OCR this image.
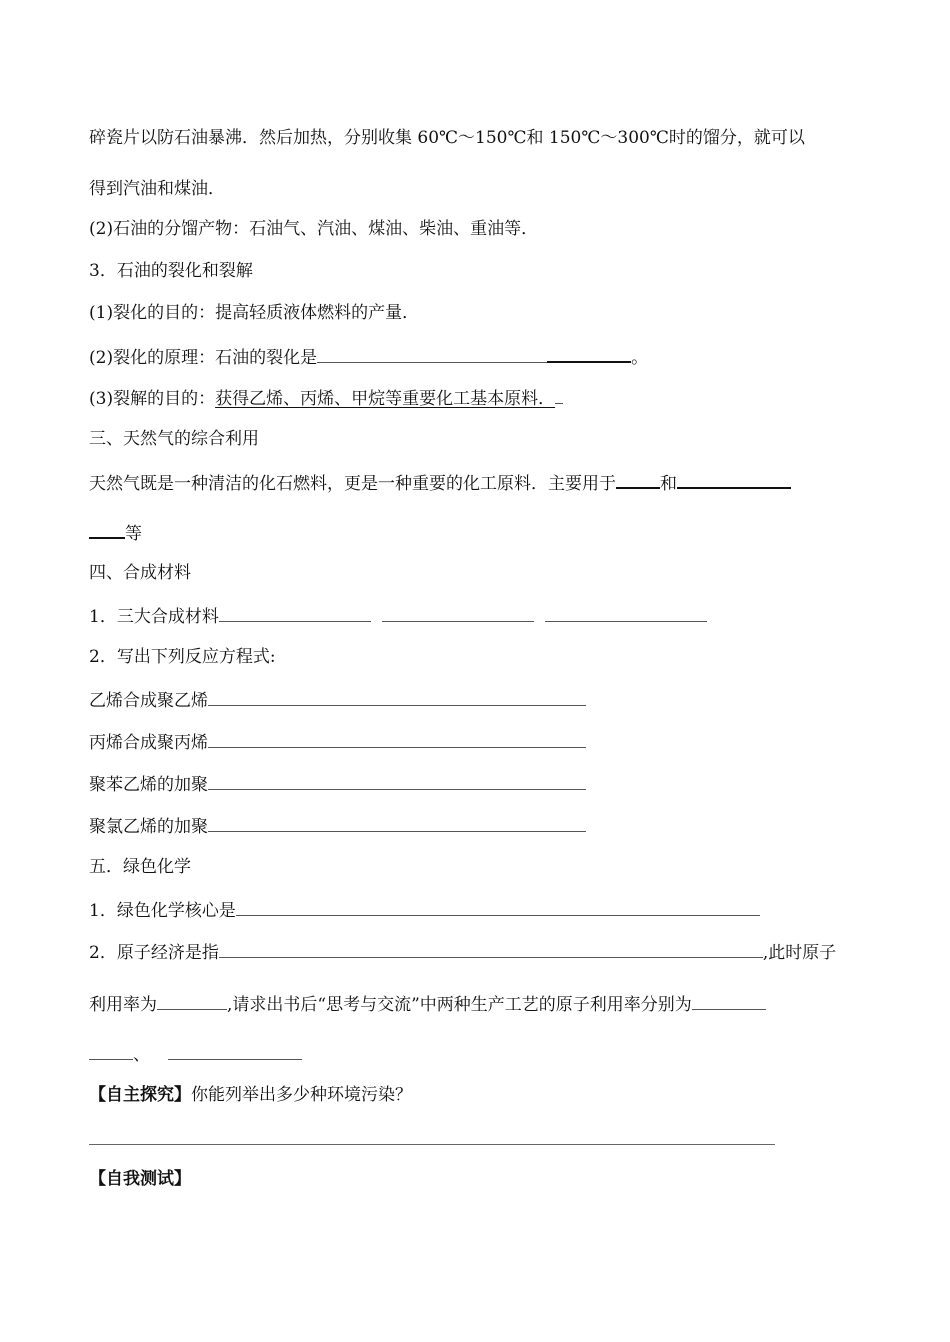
碎瓷片以防石油暴沸．然后加热，分别收集 60℃～150℃和 150℃～300℃时的馏分，就可以
得到汽油和煤油．
(2)石油的分馏产物：石油气、汽油、煤油、柴油、重油等．
3．石油的裂化和裂解
(1)裂化的目的：提高轻质液体燃料的产量．
(2)裂化的原理：石油的裂化是	。
(3)裂解的目的：获得乙烯、丙烯、甲烷等重要化工基本原料．
三、天然气的综合利用
天然气既是一种清洁的化石燃料，更是一种重要的化工原料．主要用于	和
等
四、合成材料
1．三大合成材料
2．写出下列反应方程式:
乙烯合成聚乙烯
丙烯合成聚丙烯
聚苯乙烯的加聚
聚氯乙烯的加聚
五．绿色化学
1．绿色化学核心是
2．原子经济是指	,此时原子
利用率为	,请求出书后“思考与交流”中两种生产工艺的原子利用率分别为
、
【自主探究】你能列举出多少种环境污染？
【自我测试】
